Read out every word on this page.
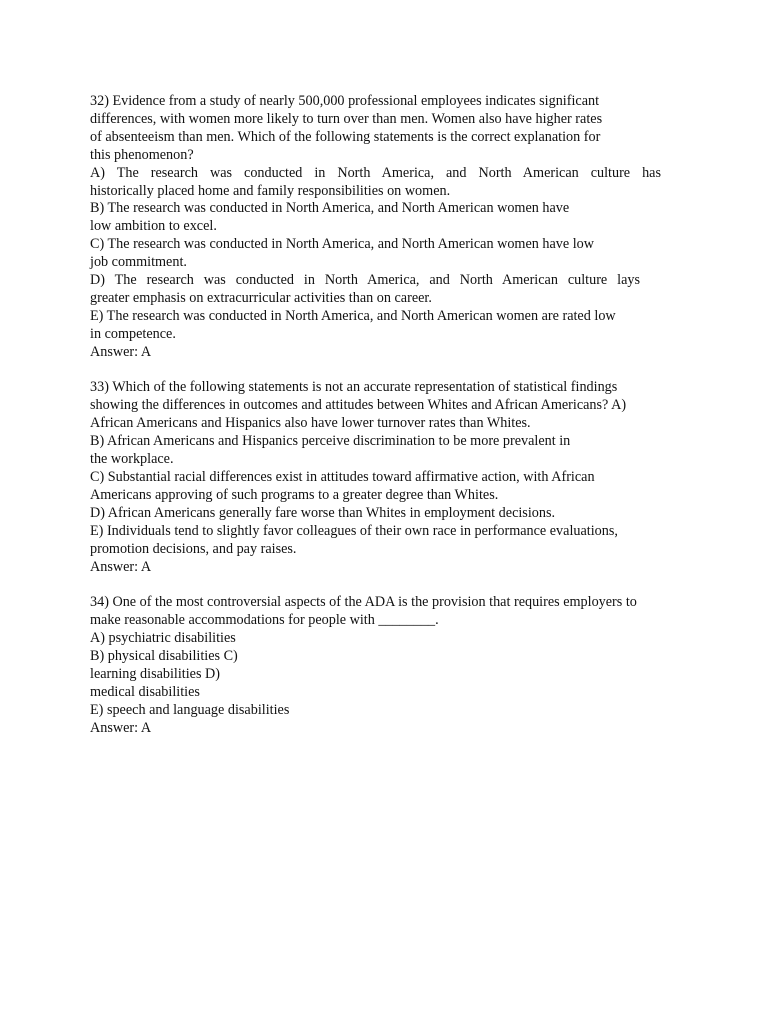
32) Evidence from a study of nearly 500,000 professional employees indicates significant
differences, with women more likely to turn over than men. Women also have higher rates
of absenteeism than men. Which of the following statements is the correct explanation for
this phenomenon?
A) The research was conducted in North America, and North American culture has
historically placed home and family responsibilities on women.
B) The research was conducted in North America, and North American women have
low ambition to excel.
C) The research was conducted in North America, and North American women have low
job commitment.
D) The research was conducted in North America, and North American culture lays
greater emphasis on extracurricular activities than on career.
E) The research was conducted in North America, and North American women are rated low
in competence.
Answer: A
33) Which of the following statements is not an accurate representation of statistical findings
showing the differences in outcomes and attitudes between Whites and African Americans? A)
African Americans and Hispanics also have lower turnover rates than Whites.
B) African Americans and Hispanics perceive discrimination to be more prevalent in
the workplace.
C) Substantial racial differences exist in attitudes toward affirmative action, with African
Americans approving of such programs to a greater degree than Whites.
D) African Americans generally fare worse than Whites in employment decisions.
E) Individuals tend to slightly favor colleagues of their own race in performance evaluations,
promotion decisions, and pay raises.
Answer: A
34) One of the most controversial aspects of the ADA is the provision that requires employers to
make reasonable accommodations for people with ________.
A) psychiatric disabilities
B) physical disabilities C)
learning disabilities D)
medical disabilities
E) speech and language disabilities
Answer: A
